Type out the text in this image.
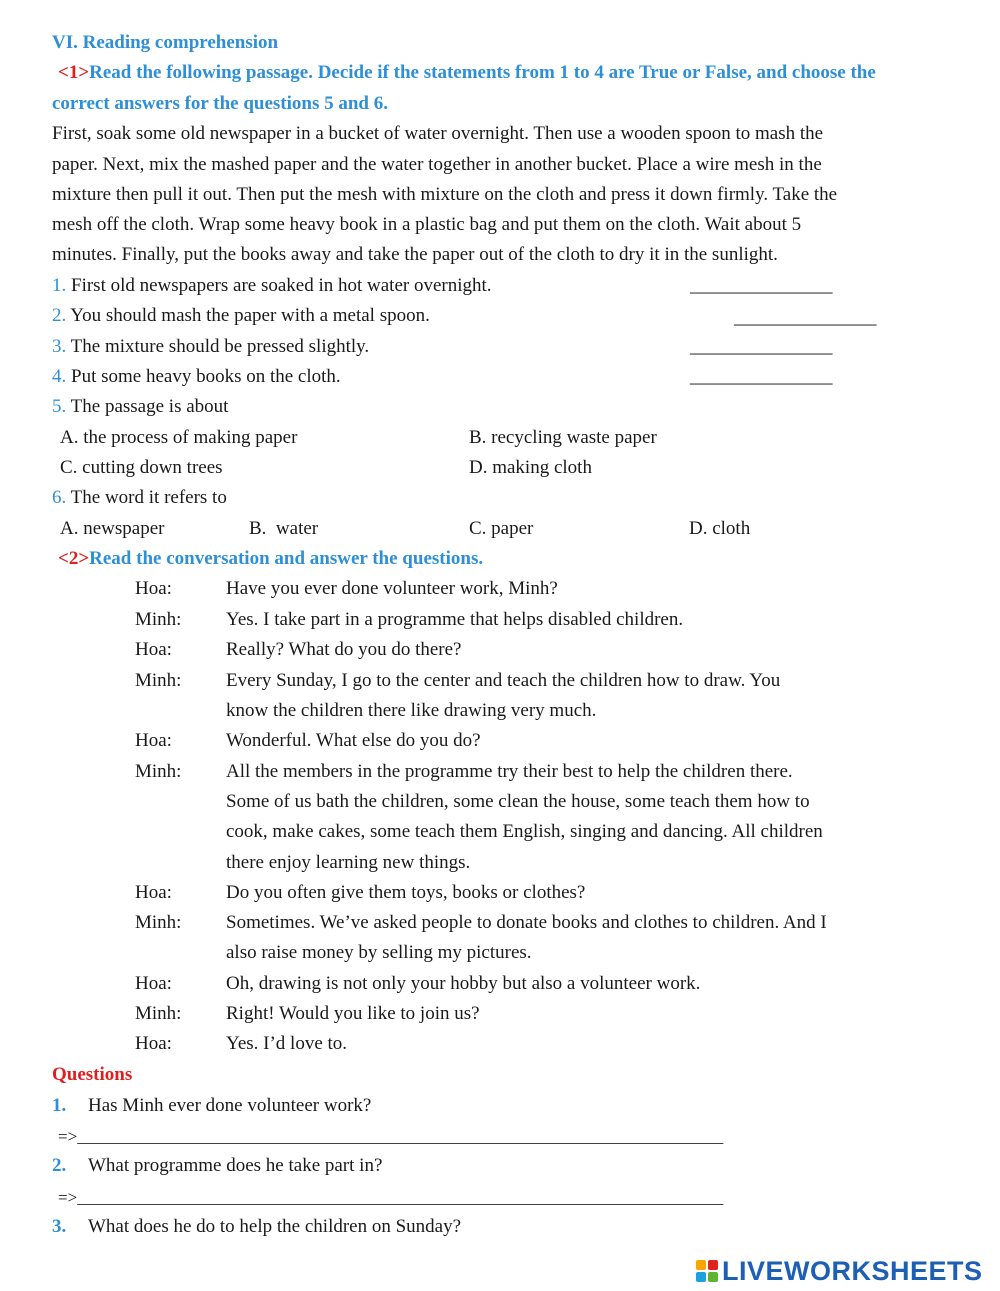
VI. Reading comprehension
<1>Read the following passage. Decide if the statements from 1 to 4 are True or False, and choose the
correct answers for the questions 5 and 6.
First, soak some old newspaper in a bucket of water overnight. Then use a wooden spoon to mash the
paper. Next, mix the mashed paper and the water together in another bucket. Place a wire mesh in the
mixture then pull it out. Then put the mesh with mixture on the cloth and press it down firmly. Take the
mesh off the cloth. Wrap some heavy book in a plastic bag and put them on the cloth. Wait about 5
minutes. Finally, put the books away and take the paper out of the cloth to dry it in the sunlight.
1. First old newspapers are soaked in hot water overnight.	_______________
2. You should mash the paper with a metal spoon.	_______________
3. The mixture should be pressed slightly.	_______________
4. Put some heavy books on the cloth.	_______________
5. The passage is about
A. the process of making paper	B. recycling waste paper
C. cutting down trees	D. making cloth
6. The word it refers to
A. newspaper	B.  water	C. paper	D. cloth
<2>Read the conversation and answer the questions.
Hoa:	Have you ever done volunteer work, Minh?
Minh: Yes. I take part in a programme that helps disabled children.
Hoa:	Really? What do you do there?
Minh: Every Sunday, I go to the center and teach the children how to draw. You
know the children there like drawing very much.
Hoa:	Wonderful. What else do you do?
Minh: All the members in the programme try their best to help the children there.
Some of us bath the children, some clean the house, some teach them how to
cook, make cakes, some teach them English, singing and dancing. All children
there enjoy learning new things.
Hoa:	Do you often give them toys, books or clothes?
Minh: Sometimes. We’ve asked people to donate books and clothes to children. And I
also raise money by selling my pictures.
Hoa:	Oh, drawing is not only your hobby but also a volunteer work.
Minh: Right! Would you like to join us?
Hoa:	Yes. I’d love to.
Questions
1. Has Minh ever done volunteer work?
=>____________________________________________________________________________
2. What programme does he take part in?
=>____________________________________________________________________________
3. What does he do to help the children on Sunday?
LIVEWORKSHEETS
